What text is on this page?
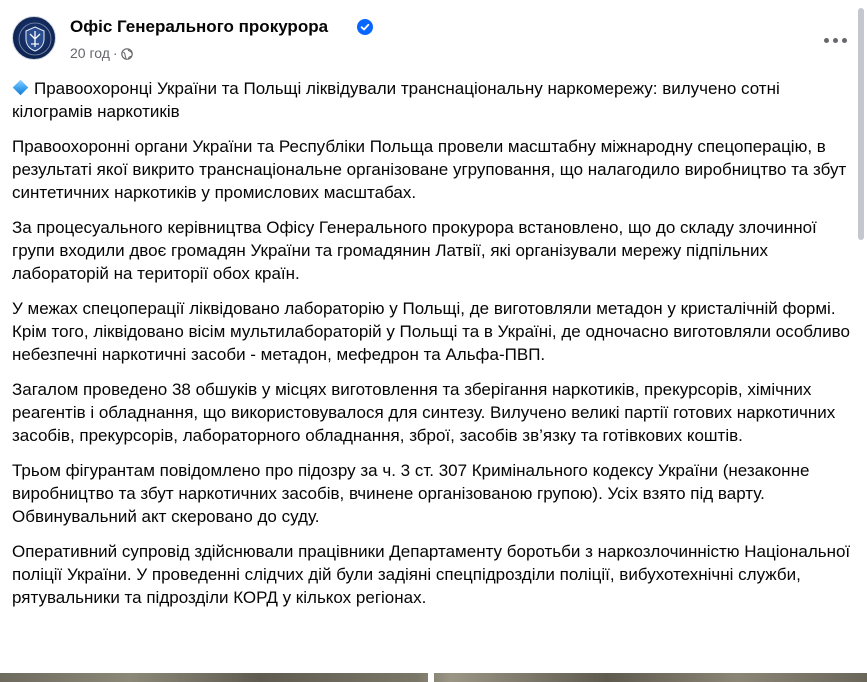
Офіс Генерального прокурора
20 год ·

Правоохоронці України та Польщі ліквідували транснаціональну наркомережу: вилучено сотні кілограмів наркотиків

Правоохоронні органи України та Республіки Польща провели масштабну міжнародну спецоперацію, в результаті якої викрито транснаціональне організоване угруповання, що налагодило виробництво та збут синтетичних наркотиків у промислових масштабах.

За процесуального керівництва Офісу Генерального прокурора встановлено, що до складу злочинної групи входили двоє громадян України та громадянин Латвії, які організували мережу підпільних лабораторій на території обох країн.

У межах спецоперації ліквідовано лабораторію у Польщі, де виготовляли метадон у кристалічній формі. Крім того, ліквідовано вісім мультилабораторій у Польщі та в Україні, де одночасно виготовляли особливо небезпечні наркотичні засоби - метадон, мефедрон та Альфа-ПВП.

Загалом проведено 38 обшуків у місцях виготовлення та зберігання наркотиків, прекурсорів, хімічних реагентів і обладнання, що використовувалося для синтезу. Вилучено великі партії готових наркотичних засобів, прекурсорів, лабораторного обладнання, зброї, засобів зв’язку та готівкових коштів.

Трьом фігурантам повідомлено про підозру за ч. 3 ст. 307 Кримінального кодексу України (незаконне виробництво та збут наркотичних засобів, вчинене організованою групою). Усіх взято під варту. Обвинувальний акт скеровано до суду.

Оперативний супровід здійснювали працівники Департаменту боротьби з наркозлочинністю Національної поліції України. У проведенні слідчих дій були задіяні спецпідрозділи поліції, вибухотехнічні служби, рятувальники та підрозділи КОРД у кількох регіонах.
